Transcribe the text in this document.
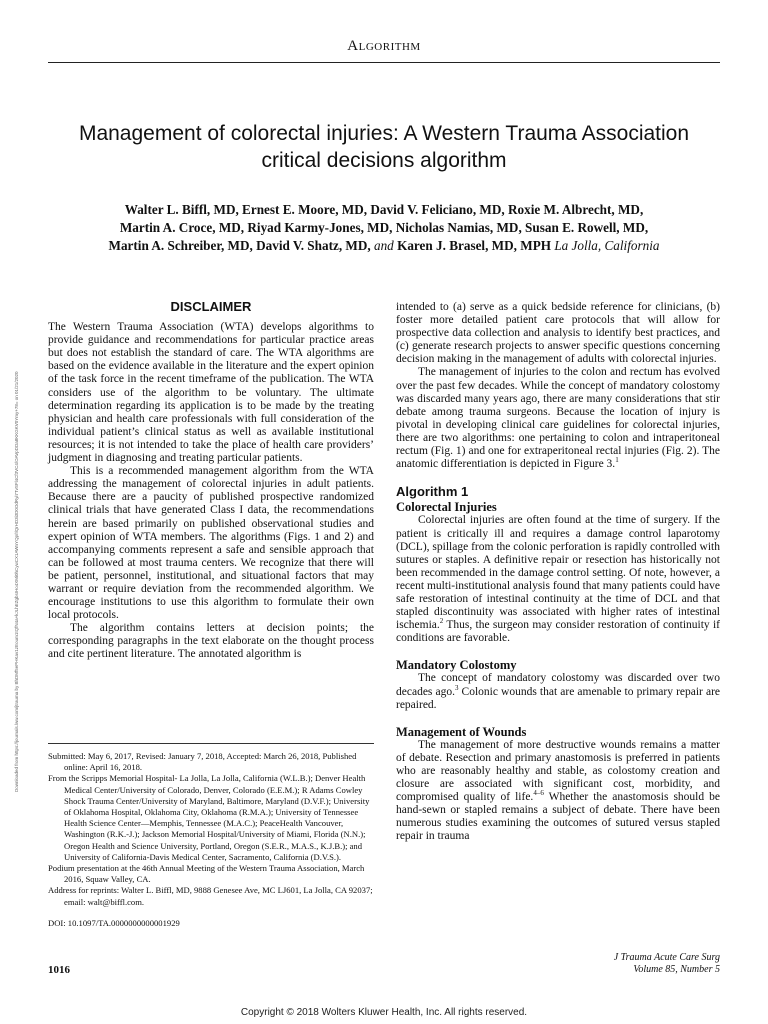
Algorithm
Management of colorectal injuries: A Western Trauma Association critical decisions algorithm
Walter L. Biffl, MD, Ernest E. Moore, MD, David V. Feliciano, MD, Roxie M. Albrecht, MD,
Martin A. Croce, MD, Riyad Karmy-Jones, MD, Nicholas Namias, MD, Susan E. Rowell, MD,
Martin A. Schreiber, MD, David V. Shatz, MD, and Karen J. Brasel, MD, MPH La Jolla, California
Downloaded from https://journals.lww.com/jtrauma by BhDMf5ePHKav1zEoum1tQfN4a+kJLhEZgbsIHo4XMi0hCywCX1AWnYQp/IlQrHD3i3D0OdRyi7TvSFl4Cf3VC4/OAVpDDa8KKGKV0Ymy+78= on 01/21/2020
DISCLAIMER

The Western Trauma Association (WTA) develops algorithms to provide guidance and recommendations for particular practice areas but does not establish the standard of care. The WTA algorithms are based on the evidence available in the literature and the expert opinion of the task force in the recent timeframe of the publication. The WTA considers use of the algorithm to be voluntary. The ultimate determination regarding its application is to be made by the treating physician and health care professionals with full consideration of the individual patient’s clinical status as well as available institutional resources; it is not intended to take the place of health care providers’ judgment in diagnosing and treating particular patients.

This is a recommended management algorithm from the WTA addressing the management of colorectal injuries in adult patients. Because there are a paucity of published prospective randomized clinical trials that have generated Class I data, the recommendations herein are based primarily on published observational studies and expert opinion of WTA members. The algorithms (Figs. 1 and 2) and accompanying comments represent a safe and sensible approach that can be followed at most trauma centers. We recognize that there will be patient, personnel, institutional, and situational factors that may warrant or require deviation from the recommended algorithm. We encourage institutions to use this algorithm to formulate their own local protocols.

The algorithm contains letters at decision points; the corresponding paragraphs in the text elaborate on the thought process and cite pertinent literature. The annotated algorithm is

Submitted: May 6, 2017, Revised: January 7, 2018, Accepted: March 26, 2018, Published online: April 16, 2018.

From the Scripps Memorial Hospital- La Jolla, La Jolla, California (W.L.B.); Denver Health Medical Center/University of Colorado, Denver, Colorado (E.E.M.); R Adams Cowley Shock Trauma Center/University of Maryland, Baltimore, Maryland (D.V.F.); University of Oklahoma Hospital, Oklahoma City, Oklahoma (R.M.A.); University of Tennessee Health Science Center—Memphis, Tennessee (M.A.C.); PeaceHealth Vancouver, Washington (R.K.-J.); Jackson Memorial Hospital/University of Miami, Florida (N.N.); Oregon Health and Science University, Portland, Oregon (S.E.R., M.A.S., K.J.B.); and University of California-Davis Medical Center, Sacramento, California (D.V.S.).

Podium presentation at the 46th Annual Meeting of the Western Trauma Association, March 2016, Squaw Valley, CA.

Address for reprints: Walter L. Biffl, MD, 9888 Genesee Ave, MC LJ601, La Jolla, CA 92037; email: walt@biffl.com.

DOI: 10.1097/TA.0000000000001929

intended to (a) serve as a quick bedside reference for clinicians, (b) foster more detailed patient care protocols that will allow for prospective data collection and analysis to identify best practices, and (c) generate research projects to answer specific questions concerning decision making in the management of adults with colorectal injuries.

The management of injuries to the colon and rectum has evolved over the past few decades. While the concept of mandatory colostomy was discarded many years ago, there are many considerations that stir debate among trauma surgeons. Because the location of injury is pivotal in developing clinical care guidelines for colorectal injuries, there are two algorithms: one pertaining to colon and intraperitoneal rectum (Fig. 1) and one for extraperitoneal rectal injuries (Fig. 2). The anatomic differentiation is depicted in Figure 3.$^1$

Algorithm 1
Colorectal Injuries

Colorectal injuries are often found at the time of surgery. If the patient is critically ill and requires a damage control laparotomy (DCL), spillage from the colonic perforation is rapidly controlled with sutures or staples. A definitive repair or resection has historically not been recommended in the damage control setting. Of note, however, a recent multi-institutional analysis found that many patients could have safe restoration of intestinal continuity at the time of DCL and that stapled discontinuity was associated with higher rates of intestinal ischemia.$^2$ Thus, the surgeon may consider restoration of continuity if conditions are favorable.

Mandatory Colostomy

The concept of mandatory colostomy was discarded over two decades ago.$^3$ Colonic wounds that are amenable to primary repair are repaired.

Management of Wounds

The management of more destructive wounds remains a matter of debate. Resection and primary anastomosis is preferred in patients who are reasonably healthy and stable, as colostomy creation and closure are associated with significant cost, morbidity, and compromised quality of life.$^{4-6}$ Whether the anastomosis should be hand-sewn or stapled remains a subject of debate. There have been numerous studies examining the outcomes of sutured versus stapled repair in trauma

1016
J Trauma Acute Care Surg
Volume 85, Number 5
Copyright © 2018 Wolters Kluwer Health, Inc. All rights reserved.
